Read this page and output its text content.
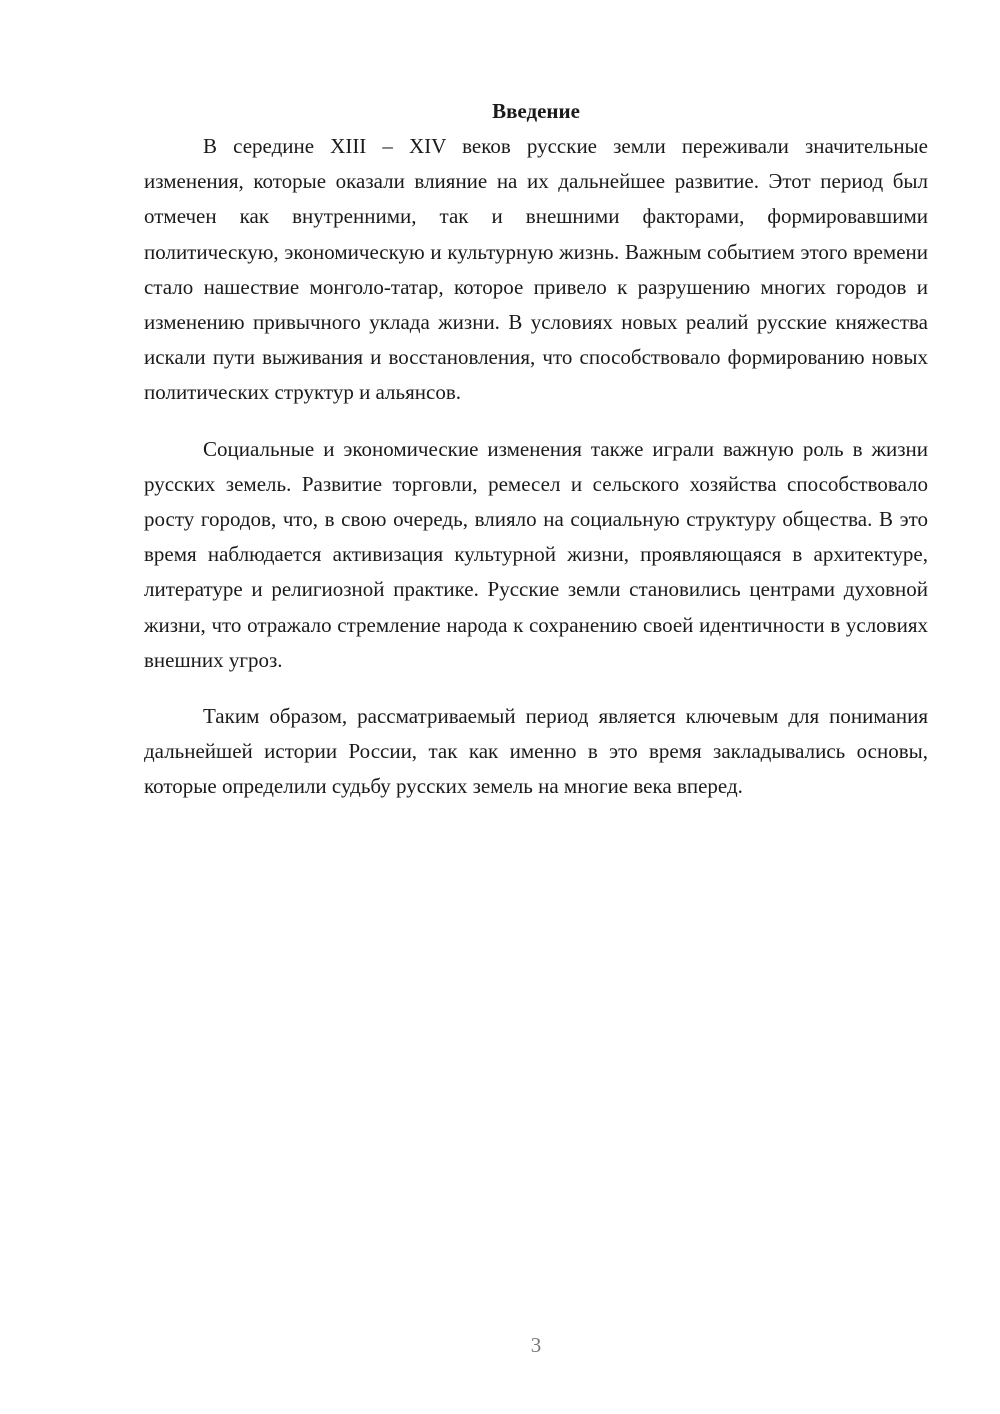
Введение

В середине XIII – XIV веков русские земли переживали значительные изменения, которые оказали влияние на их дальнейшее развитие. Этот период был отмечен как внутренними, так и внешними факторами, формировавшими политическую, экономическую и культурную жизнь. Важным событием этого времени стало нашествие монголо-татар, которое привело к разрушению многих городов и изменению привычного уклада жизни. В условиях новых реалий русские княжества искали пути выживания и восстановления, что способствовало формированию новых политических структур и альянсов.

Социальные и экономические изменения также играли важную роль в жизни русских земель. Развитие торговли, ремесел и сельского хозяйства способствовало росту городов, что, в свою очередь, влияло на социальную структуру общества. В это время наблюдается активизация культурной жизни, проявляющаяся в архитектуре, литературе и религиозной практике. Русские земли становились центрами духовной жизни, что отражало стремление народа к сохранению своей идентичности в условиях внешних угроз.

Таким образом, рассматриваемый период является ключевым для понимания дальнейшей истории России, так как именно в это время закладывались основы, которые определили судьбу русских земель на многие века вперед.

3
